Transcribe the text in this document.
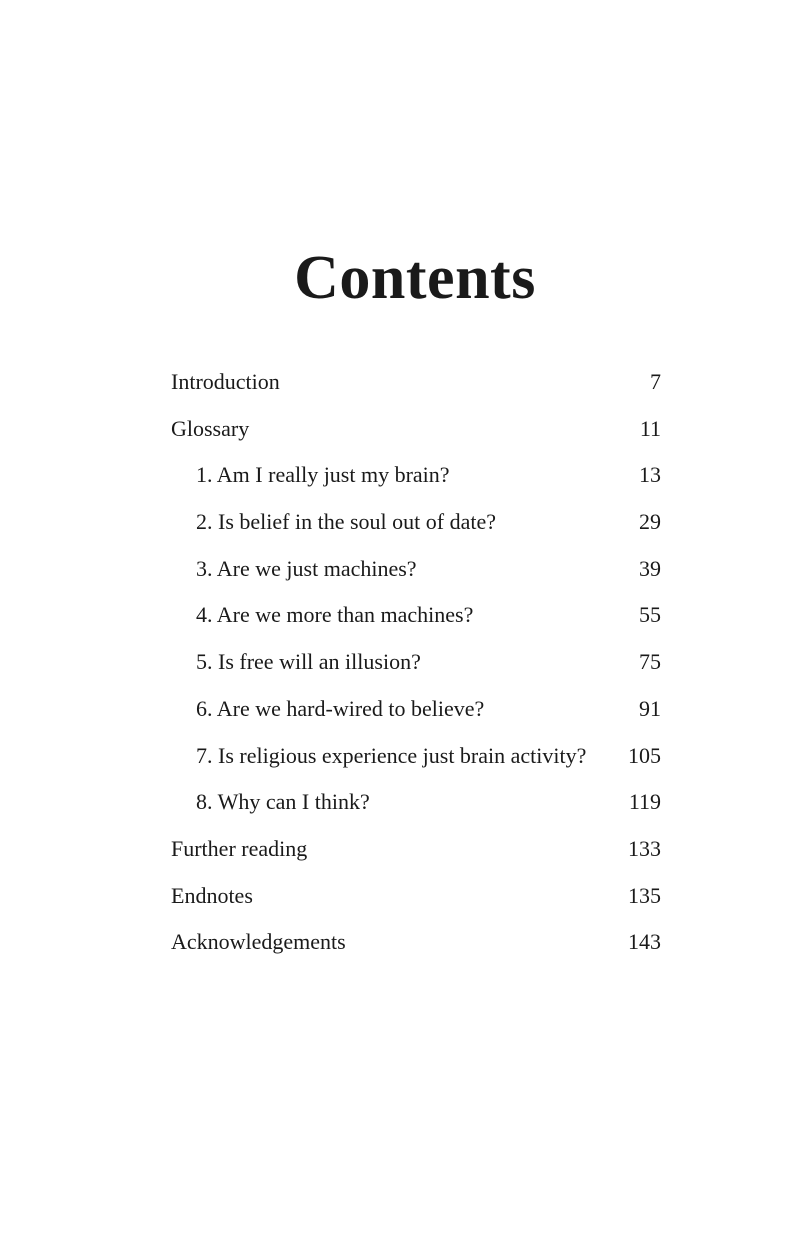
Contents
Introduction	7
Glossary	11
1. Am I really just my brain?	13
2. Is belief in the soul out of date?	29
3. Are we just machines?	39
4. Are we more than machines?	55
5. Is free will an illusion?	75
6. Are we hard-wired to believe?	91
7. Is religious experience just brain activity? 105
8. Why can I think?	119
Further reading	133
Endnotes	135
Acknowledgements	143
